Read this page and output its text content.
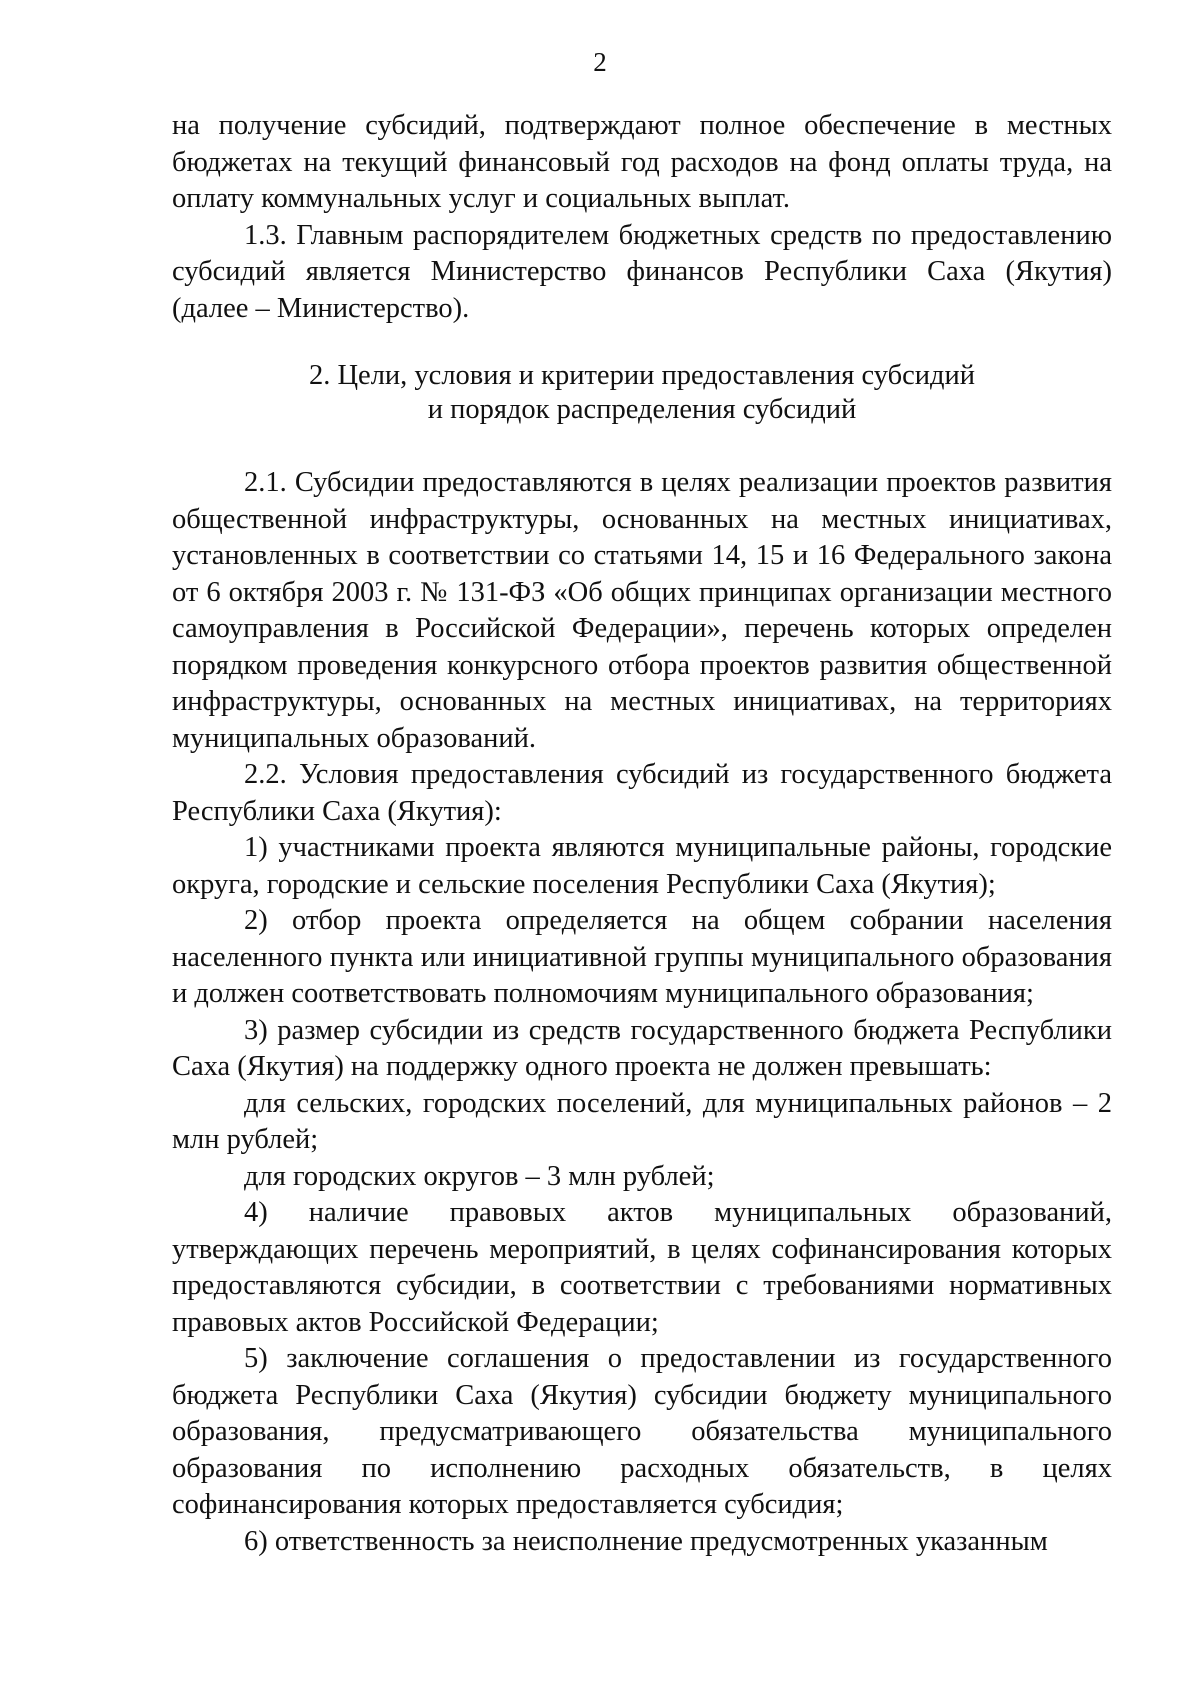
2

на получение субсидий, подтверждают полное обеспечение в местных бюджетах на текущий финансовый год расходов на фонд оплаты труда, на оплату коммунальных услуг и социальных выплат.

1.3. Главным распорядителем бюджетных средств по предоставлению субсидий является Министерство финансов Республики Саха (Якутия) (далее – Министерство).

2. Цели, условия и критерии предоставления субсидий
и порядок распределения субсидий

2.1. Субсидии предоставляются в целях реализации проектов развития общественной инфраструктуры, основанных на местных инициативах, установленных в соответствии со статьями 14, 15 и 16 Федерального закона от 6 октября 2003 г. № 131-ФЗ «Об общих принципах организации местного самоуправления в Российской Федерации», перечень которых определен порядком проведения конкурсного отбора проектов развития общественной инфраструктуры, основанных на местных инициативах, на территориях муниципальных образований.

2.2. Условия предоставления субсидий из государственного бюджета Республики Саха (Якутия):

1) участниками проекта являются муниципальные районы, городские округа, городские и сельские поселения Республики Саха (Якутия);

2) отбор проекта определяется на общем собрании населения населенного пункта или инициативной группы муниципального образования и должен соответствовать полномочиям муниципального образования;

3) размер субсидии из средств государственного бюджета Республики Саха (Якутия) на поддержку одного проекта не должен превышать:

для сельских, городских поселений, для муниципальных районов – 2 млн рублей;

для городских округов – 3 млн рублей;

4) наличие правовых актов муниципальных образований, утверждающих перечень мероприятий, в целях софинансирования которых предоставляются субсидии, в соответствии с требованиями нормативных правовых актов Российской Федерации;

5) заключение соглашения о предоставлении из государственного бюджета Республики Саха (Якутия) субсидии бюджету муниципального образования, предусматривающего обязательства муниципального образования по исполнению расходных обязательств, в целях софинансирования которых предоставляется субсидия;

6) ответственность за неисполнение предусмотренных указанным
